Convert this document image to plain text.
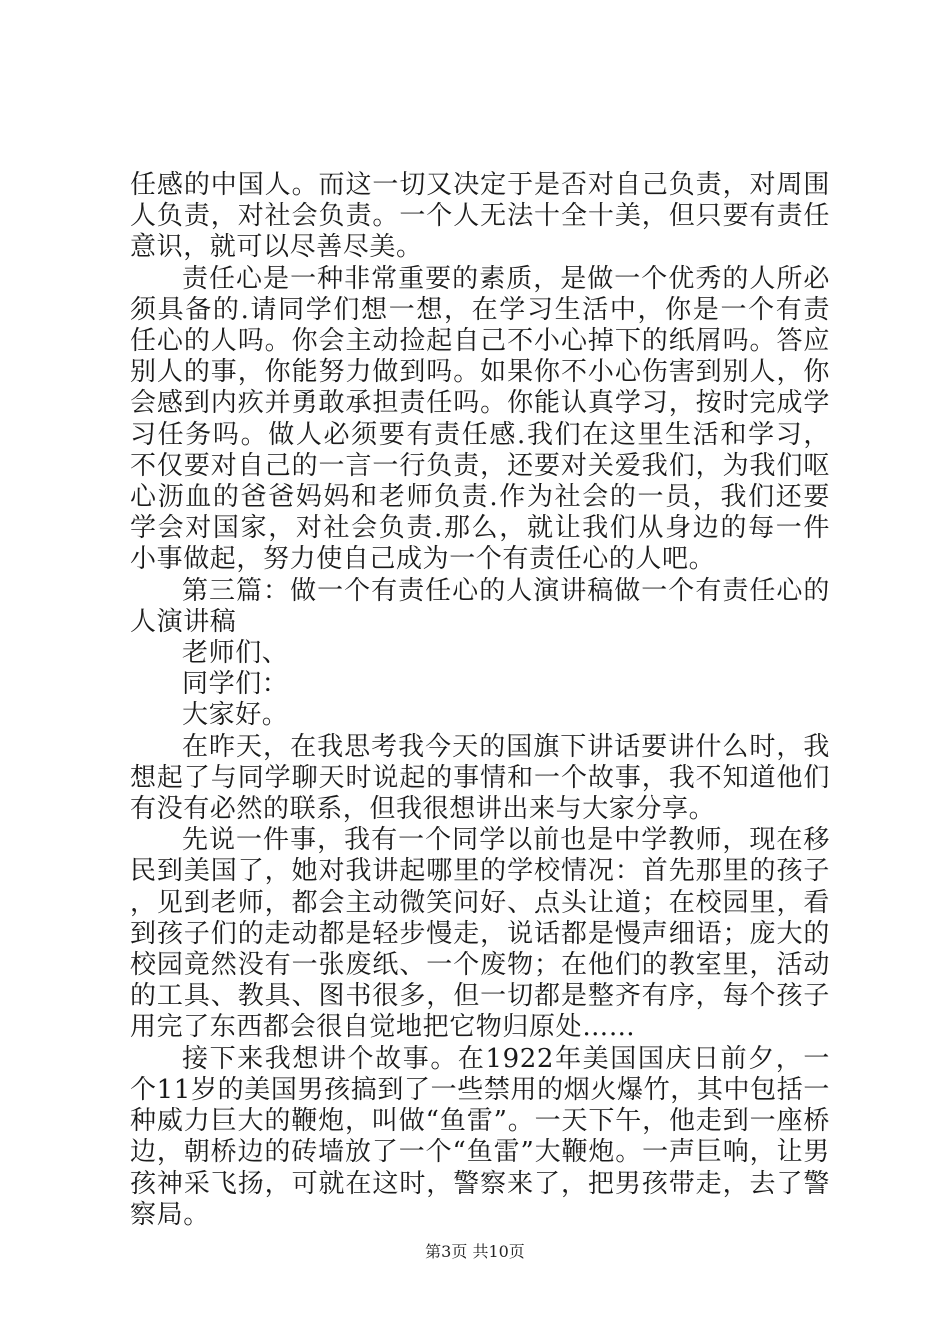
任感的中国人。而这一切又决定于是否对自己负责，对周围人负责，对社会负责。一个人无法十全十美，但只要有责任意识，就可以尽善尽美。

责任心是一种非常重要的素质，是做一个优秀的人所必须具备的.请同学们想一想，在学习生活中，你是一个有责任心的人吗。你会主动捡起自己不小心掉下的纸屑吗。答应别人的事，你能努力做到吗。如果你不小心伤害到别人，你会感到内疚并勇敢承担责任吗。你能认真学习，按时完成学习任务吗。做人必须要有责任感.我们在这里生活和学习，不仅要对自己的一言一行负责，还要对关爱我们，为我们呕心沥血的爸爸妈妈和老师负责.作为社会的一员，我们还要学会对国家，对社会负责.那么，就让我们从身边的每一件小事做起，努力使自己成为一个有责任心的人吧。

第三篇：做一个有责任心的人演讲稿做一个有责任心的人演讲稿

老师们、

同学们：

大家好。

在昨天，在我思考我今天的国旗下讲话要讲什么时，我想起了与同学聊天时说起的事情和一个故事，我不知道他们有没有必然的联系，但我很想讲出来与大家分享。

先说一件事，我有一个同学以前也是中学教师，现在移民到美国了，她对我讲起哪里的学校情况：首先那里的孩子，见到老师，都会主动微笑问好、点头让道；在校园里，看到孩子们的走动都是轻步慢走，说话都是慢声细语；庞大的校园竟然没有一张废纸、一个废物；在他们的教室里，活动的工具、教具、图书很多，但一切都是整齐有序，每个孩子用完了东西都会很自觉地把它物归原处……

接下来我想讲个故事。在1922年美国国庆日前夕，一个11岁的美国男孩搞到了一些禁用的烟火爆竹，其中包括一种威力巨大的鞭炮，叫做“鱼雷”。一天下午，他走到一座桥边，朝桥边的砖墙放了一个“鱼雷”大鞭炮。一声巨响，让男孩神采飞扬，可就在这时，警察来了，把男孩带走，去了警察局。

第3页 共10页
